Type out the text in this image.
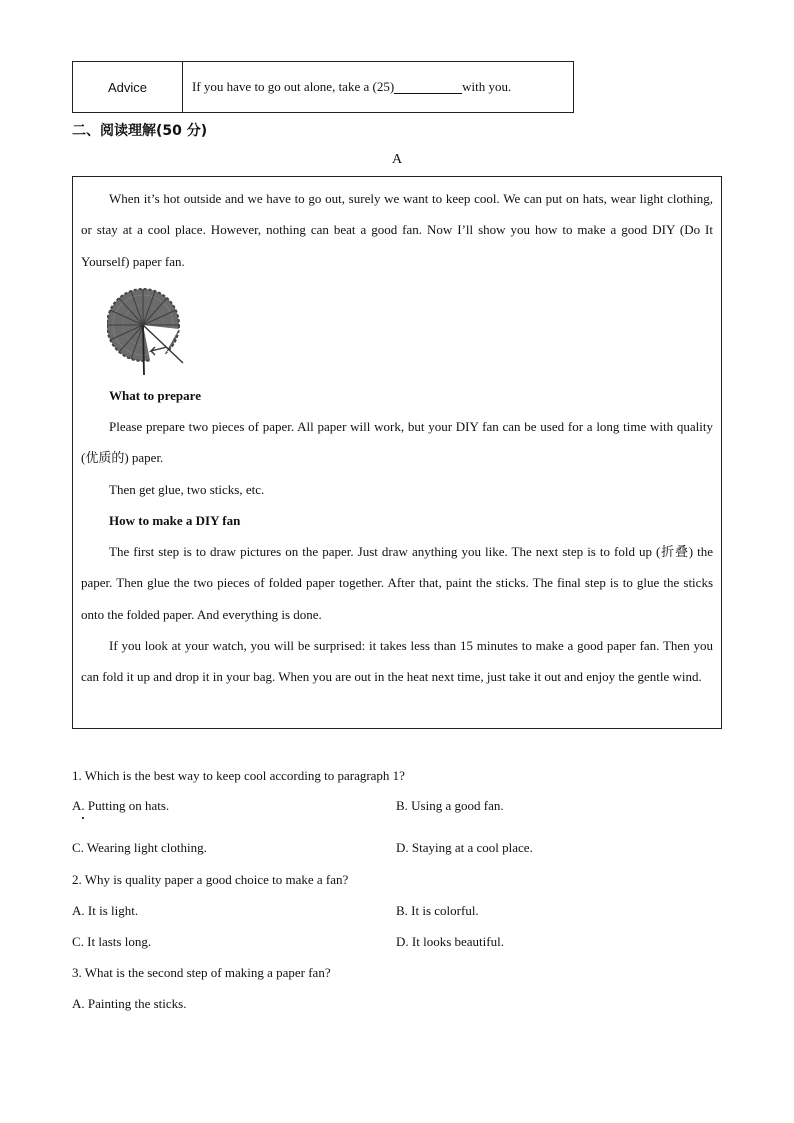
Advice	If you have to go out alone, take a (25)	with you.
二、阅读理解(50 分)
A
When it’s hot outside and we have to go out, surely we want to keep cool. We can put on hats, wear light clothing, or stay at a cool place. However, nothing can beat a good fan. Now I’ll show you how to make a good DIY (Do It Yourself) paper fan.
What to prepare
Please prepare two pieces of paper. All paper will work, but your DIY fan can be used for a long time with quality (优质的) paper.
Then get glue, two sticks, etc.
How to make a DIY fan
The first step is to draw pictures on the paper. Just draw anything you like. The next step is to fold up (折叠) the paper. Then glue the two pieces of folded paper together. After that, paint the sticks. The final step is to glue the sticks onto the folded paper. And everything is done.
If you look at your watch, you will be surprised: it takes less than 15 minutes to make a good paper fan. Then you can fold it up and drop it in your bag. When you are out in the heat next time, just take it out and enjoy the gentle wind.
1. Which is the best way to keep cool according to paragraph 1?
A. Putting on hats.	B. Using a good fan.
C. Wearing light clothing.	D. Staying at a cool place.
2. Why is quality paper a good choice to make a fan?
A. It is light.	B. It is colorful.
C. It lasts long.	D. It looks beautiful.
3. What is the second step of making a paper fan?
A. Painting the sticks.
